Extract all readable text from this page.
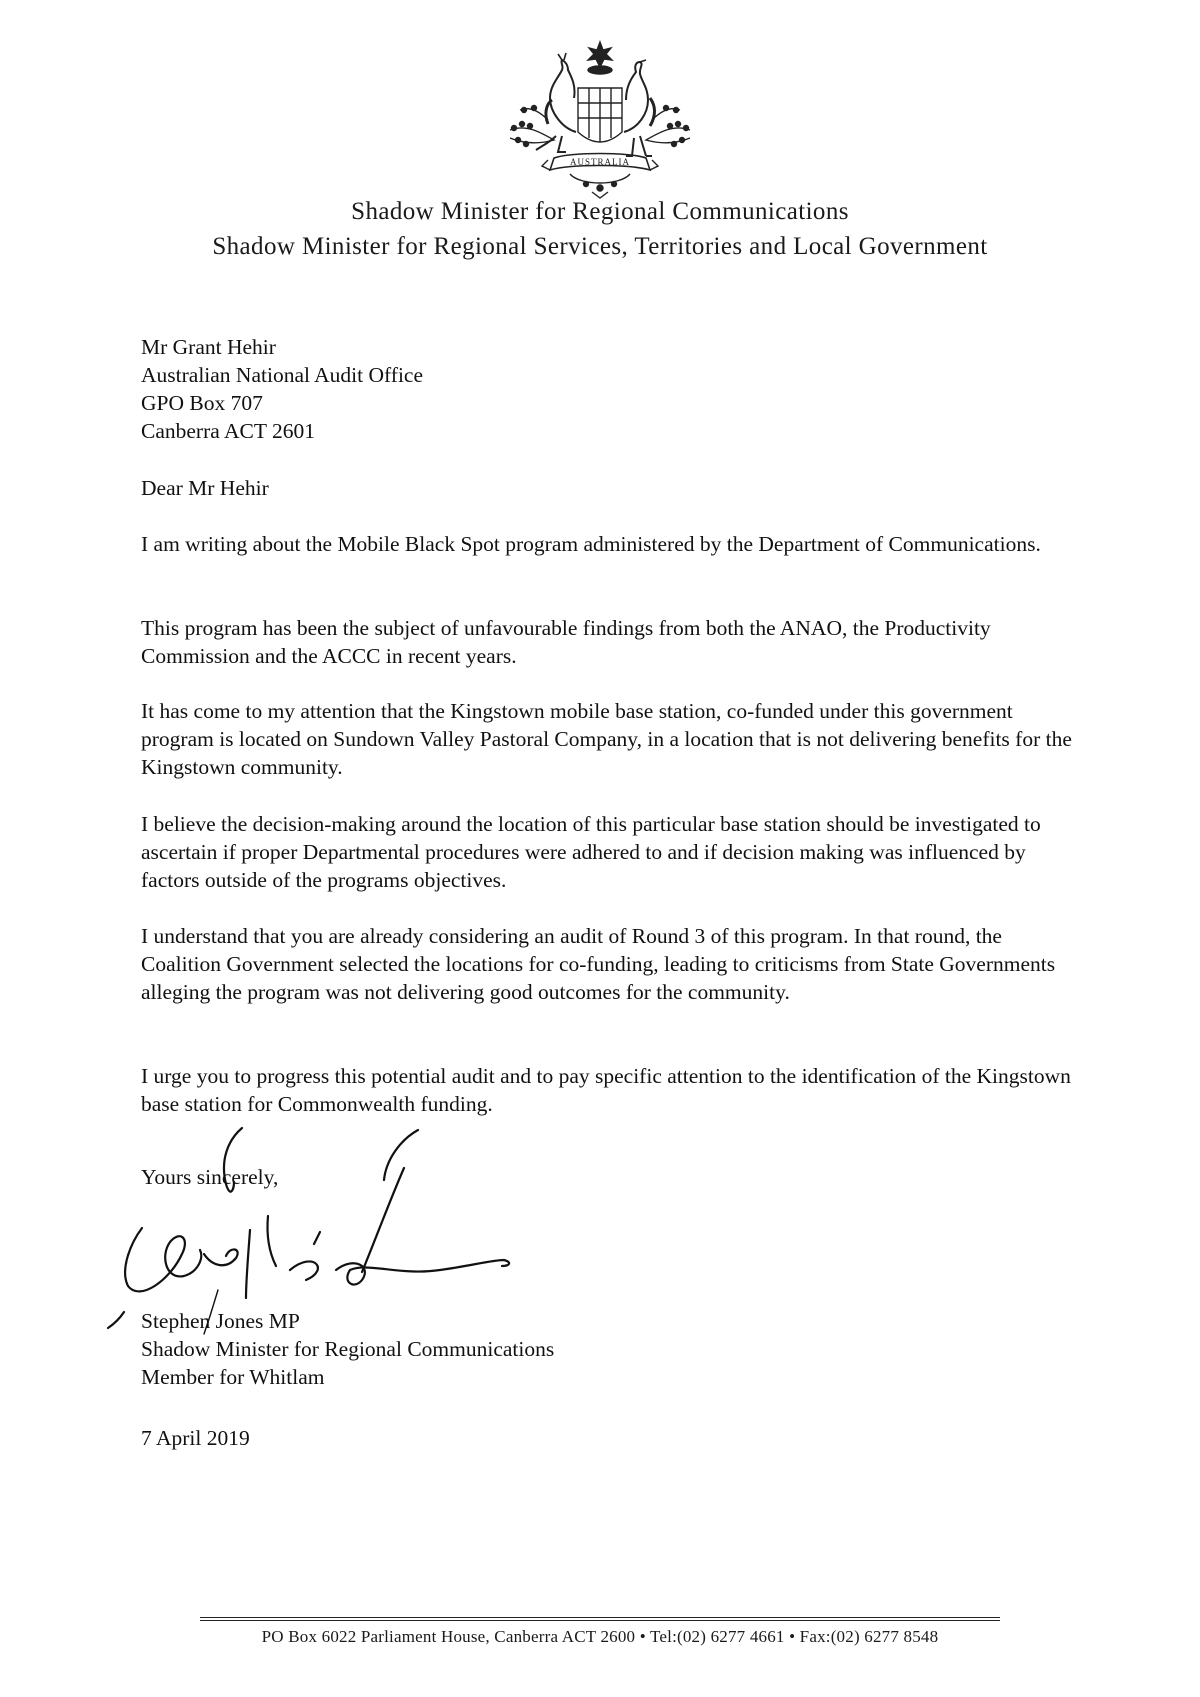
AUSTRALIA
Shadow Minister for Regional Communications
Shadow Minister for Regional Services, Territories and Local Government
Mr Grant Hehir
Australian National Audit Office
GPO Box 707
Canberra ACT 2601
Dear Mr Hehir
I am writing about the Mobile Black Spot program administered by the Department of Communications.
This program has been the subject of unfavourable findings from both the ANAO, the Productivity Commission and the ACCC in recent years.
It has come to my attention that the Kingstown mobile base station, co-funded under this government program is located on Sundown Valley Pastoral Company, in a location that is not delivering benefits for the Kingstown community.
I believe the decision-making around the location of this particular base station should be investigated to ascertain if proper Departmental procedures were adhered to and if decision making was influenced by factors outside of the programs objectives.
I understand that you are already considering an audit of Round 3 of this program. In that round, the Coalition Government selected the locations for co-funding, leading to criticisms from State Governments alleging the program was not delivering good outcomes for the community.
I urge you to progress this potential audit and to pay specific attention to the identification of the Kingstown base station for Commonwealth funding.
Yours sincerely,
Stephen Jones MP
Shadow Minister for Regional Communications
Member for Whitlam
7 April 2019
PO Box 6022 Parliament House, Canberra ACT 2600 • Tel:(02) 6277 4661 • Fax:(02) 6277 8548
